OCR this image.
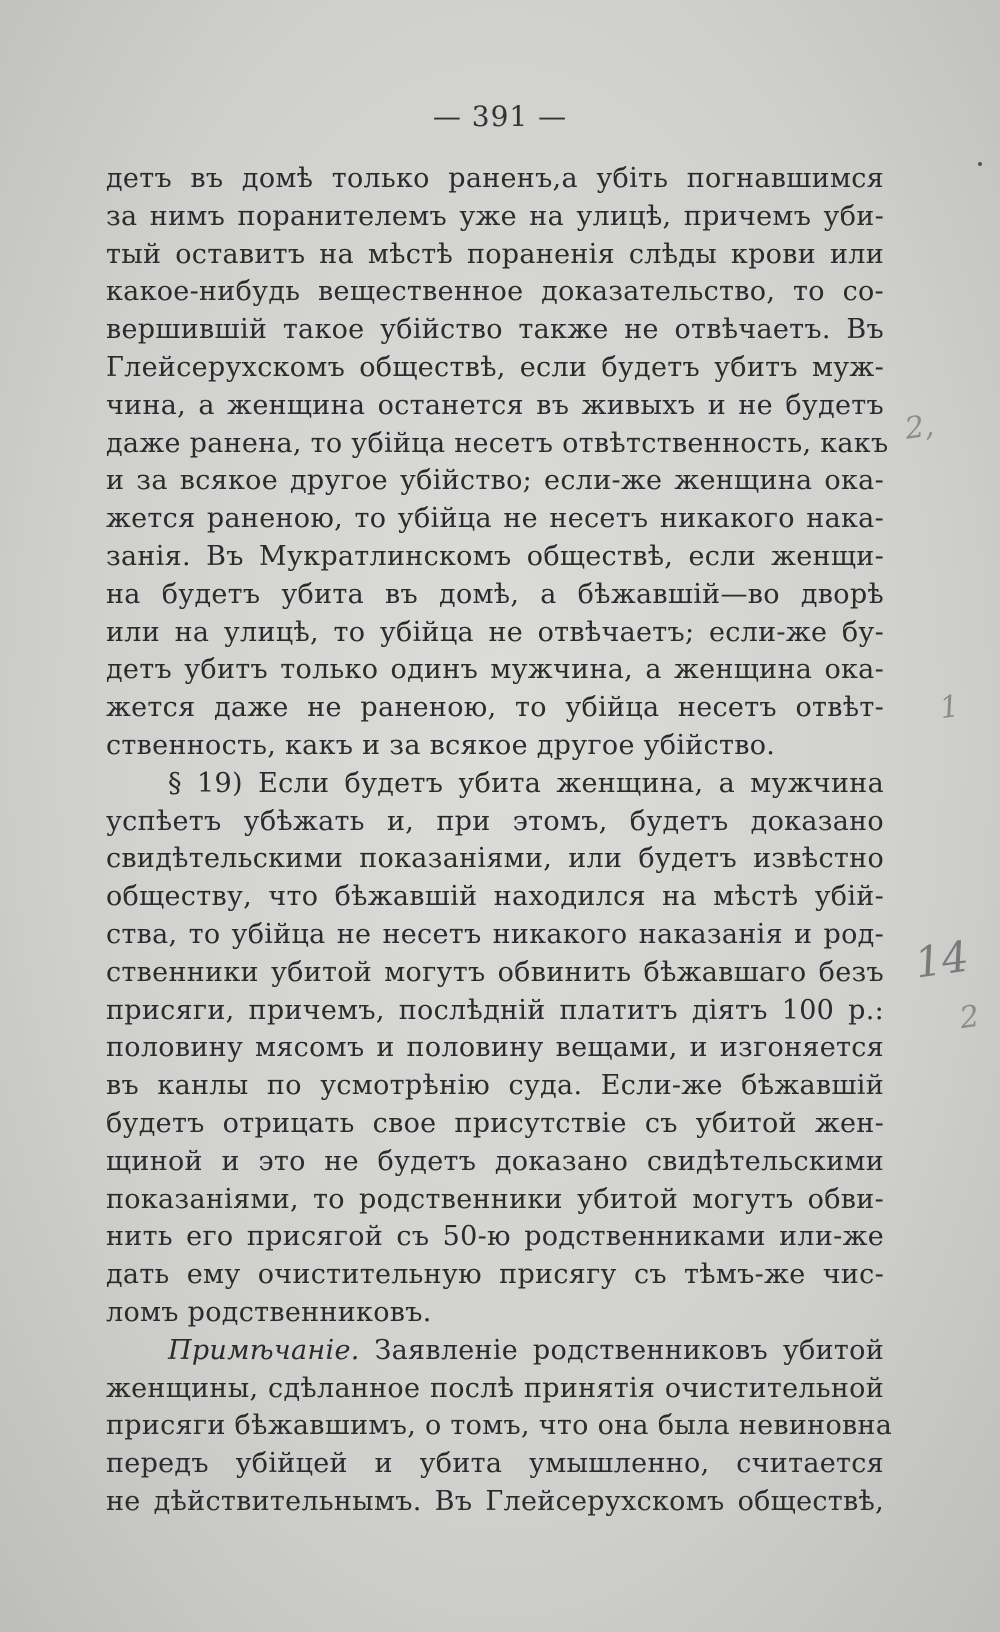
— 391 —
детъ въ домѣ только раненъ,а убіть погнавшимся
за нимъ поранителемъ уже на улицѣ, причемъ уби-
тый оставитъ на мѣстѣ пораненія слѣды крови или
какое-нибудь вещественное доказательство, то со-
вершившій такое убійство также не отвѣчаетъ. Въ
Глейсерухскомъ обществѣ, если будетъ убитъ муж-
чина, а женщина останется въ живыхъ и не будетъ
даже ранена, то убійца несетъ отвѣтственность, какъ
и за всякое другое убійство; если-же женщина ока-
жется раненою, то убійца не несетъ никакого нака-
занія. Въ Мукратлинскомъ обществѣ, если женщи-
на будетъ убита въ домѣ, а бѣжавшій—во дворѣ
или на улицѣ, то убійца не отвѣчаетъ; если-же бу-
детъ убитъ только одинъ мужчина, а женщина ока-
жется даже не раненою, то убійца несетъ отвѣт-
ственность, какъ и за всякое другое убійство.
§ 19) Если будетъ убита женщина, а мужчина
успѣетъ убѣжать и, при этомъ, будетъ доказано
свидѣтельскими показаніями, или будетъ извѣстно
обществу, что бѣжавшій находился на мѣстѣ убій-
ства, то убійца не несетъ никакого наказанія и род-
ственники убитой могутъ обвинить бѣжавшаго безъ
присяги, причемъ, послѣдній платитъ діятъ 100 р.:
половину мясомъ и половину вещами, и изгоняется
въ канлы по усмотрѣнію суда. Если-же бѣжавшій
будетъ отрицать свое присутствіе съ убитой жен-
щиной и это не будетъ доказано свидѣтельскими
показаніями, то родственники убитой могутъ обви-
нить его присягой съ 50-ю родственниками или-же
дать ему очистительную присягу съ тѣмъ-же чис-
ломъ родственниковъ.
Примѣчаніе. Заявленіе родственниковъ убитой
женщины, сдѣланное послѣ принятія очистительной
присяги бѣжавшимъ, о томъ, что она была невиновна
передъ убійцей и убита умышленно, считается
не дѣйствительнымъ. Въ Глейсерухскомъ обществѣ,
2,
1
14
2
